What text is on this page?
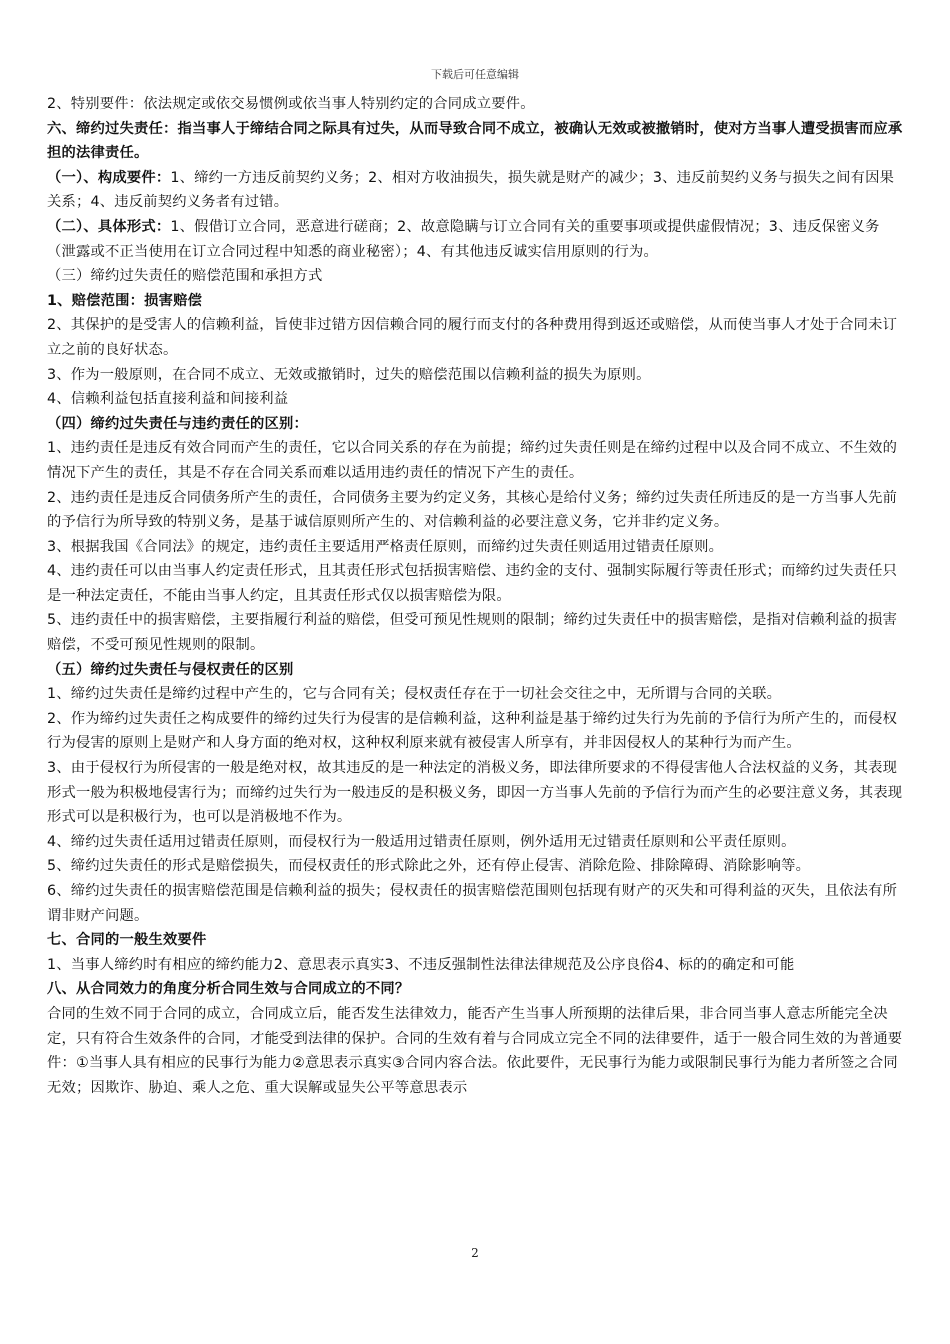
下载后可任意编辑

2、特别要件：依法规定或依交易惯例或依当事人特别约定的合同成立要件。

六、缔约过失责任：指当事人于缔结合同之际具有过失，从而导致合同不成立，被确认无效或被撤销时，使对方当事人遭受损害而应承担的法律责任。

（一）、构成要件：1、缔约一方违反前契约义务；2、相对方收油损失，损失就是财产的减少；3、违反前契约义务与损失之间有因果关系；4、违反前契约义务者有过错。

（二）、具体形式：1、假借订立合同，恶意进行磋商；2、故意隐瞒与订立合同有关的重要事项或提供虚假情况；3、违反保密义务（泄露或不正当使用在订立合同过程中知悉的商业秘密）；4、有其他违反诚实信用原则的行为。

（三）缔约过失责任的赔偿范围和承担方式

1、赔偿范围：损害赔偿

2、其保护的是受害人的信赖利益，旨使非过错方因信赖合同的履行而支付的各种费用得到返还或赔偿，从而使当事人才处于合同未订立之前的良好状态。

3、作为一般原则，在合同不成立、无效或撤销时，过失的赔偿范围以信赖利益的损失为原则。

4、信赖利益包括直接利益和间接利益

（四）缔约过失责任与违约责任的区别：

1、违约责任是违反有效合同而产生的责任，它以合同关系的存在为前提；缔约过失责任则是在缔约过程中以及合同不成立、不生效的情况下产生的责任，其是不存在合同关系而难以适用违约责任的情况下产生的责任。

2、违约责任是违反合同债务所产生的责任，合同债务主要为约定义务，其核心是给付义务；缔约过失责任所违反的是一方当事人先前的予信行为所导致的特别义务，是基于诚信原则所产生的、对信赖利益的必要注意义务，它并非约定义务。

3、根据我国《合同法》的规定，违约责任主要适用严格责任原则，而缔约过失责任则适用过错责任原则。

4、违约责任可以由当事人约定责任形式，且其责任形式包括损害赔偿、违约金的支付、强制实际履行等责任形式；而缔约过失责任只是一种法定责任，不能由当事人约定，且其责任形式仅以损害赔偿为限。

5、违约责任中的损害赔偿，主要指履行利益的赔偿，但受可预见性规则的限制；缔约过失责任中的损害赔偿，是指对信赖利益的损害赔偿，不受可预见性规则的限制。

（五）缔约过失责任与侵权责任的区别

1、缔约过失责任是缔约过程中产生的，它与合同有关；侵权责任存在于一切社会交往之中，无所谓与合同的关联。

2、作为缔约过失责任之构成要件的缔约过失行为侵害的是信赖利益，这种利益是基于缔约过失行为先前的予信行为所产生的，而侵权行为侵害的原则上是财产和人身方面的绝对权，这种权利原来就有被侵害人所享有，并非因侵权人的某种行为而产生。

3、由于侵权行为所侵害的一般是绝对权，故其违反的是一种法定的消极义务，即法律所要求的不得侵害他人合法权益的义务，其表现形式一般为积极地侵害行为；而缔约过失行为一般违反的是积极义务，即因一方当事人先前的予信行为而产生的必要注意义务，其表现形式可以是积极行为，也可以是消极地不作为。

4、缔约过失责任适用过错责任原则，而侵权行为一般适用过错责任原则，例外适用无过错责任原则和公平责任原则。

5、缔约过失责任的形式是赔偿损失，而侵权责任的形式除此之外，还有停止侵害、消除危险、排除障碍、消除影响等。

6、缔约过失责任的损害赔偿范围是信赖利益的损失；侵权责任的损害赔偿范围则包括现有财产的灭失和可得利益的灭失，且依法有所谓非财产问题。

七、合同的一般生效要件

1、当事人缔约时有相应的缔约能力2、意思表示真实3、不违反强制性法律法律规范及公序良俗4、标的的确定和可能

八、从合同效力的角度分析合同生效与合同成立的不同？

合同的生效不同于合同的成立，合同成立后，能否发生法律效力，能否产生当事人所预期的法律后果，非合同当事人意志所能完全决定，只有符合生效条件的合同，才能受到法律的保护。合同的生效有着与合同成立完全不同的法律要件，适于一般合同生效的为普通要件：①当事人具有相应的民事行为能力②意思表示真实③合同内容合法。依此要件，无民事行为能力或限制民事行为能力者所签之合同无效；因欺诈、胁迫、乘人之危、重大误解或显失公平等意思表示

2
